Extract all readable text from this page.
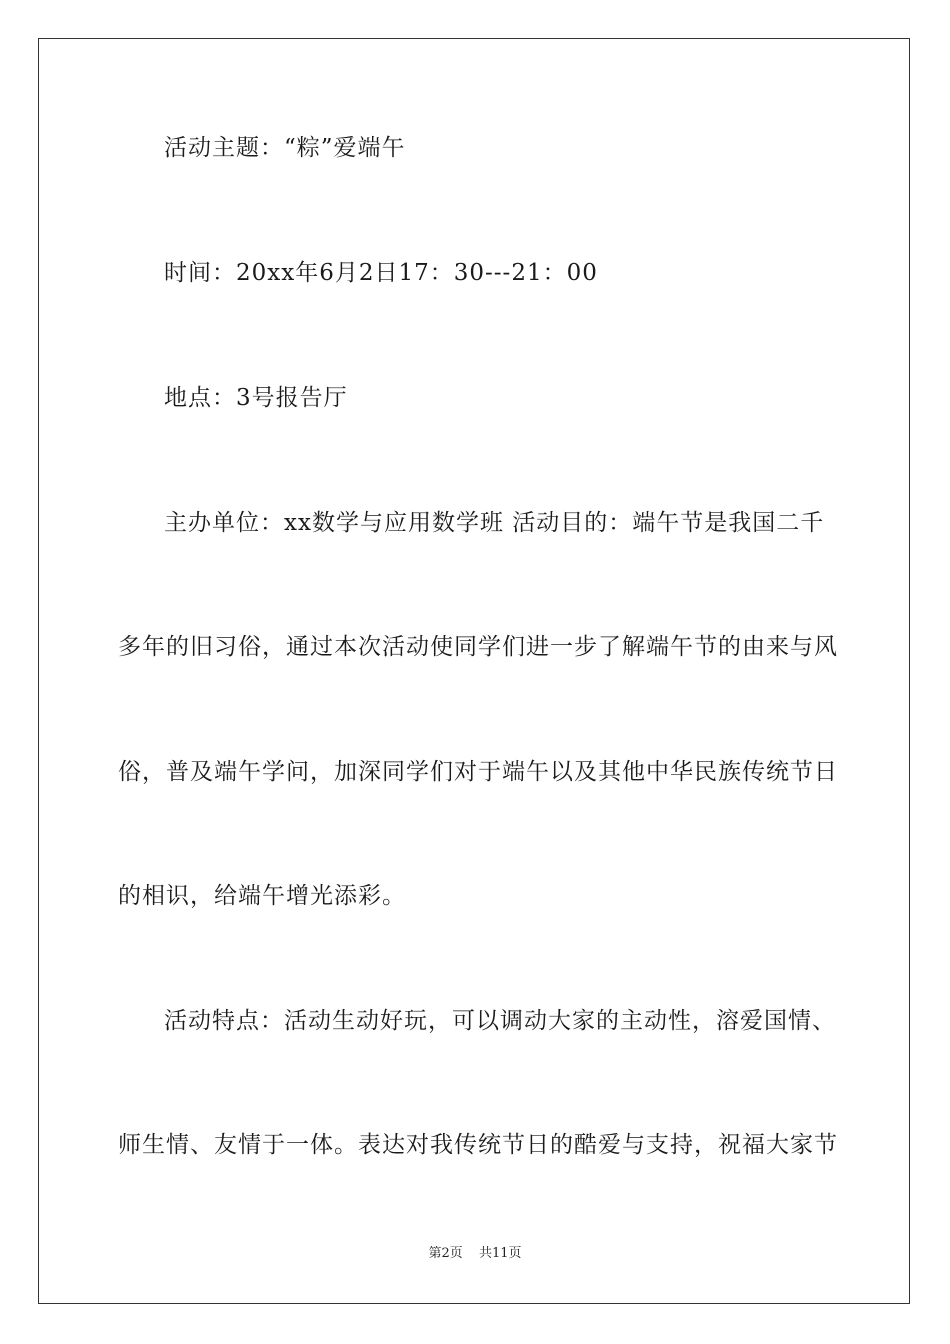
活动主题：“粽”爱端午
时间：20xx年6月2日17：30---21：00
地点：3号报告厅
主办单位：xx数学与应用数学班 活动目的：端午节是我国二千
多年的旧习俗，通过本次活动使同学们进一步了解端午节的由来与风
俗，普及端午学问，加深同学们对于端午以及其他中华民族传统节日
的相识，给端午增光添彩。
活动特点：活动生动好玩，可以调动大家的主动性，溶爱国情、
师生情、友情于一体。表达对我传统节日的酷爱与支持，祝福大家节
第2页 共11页
